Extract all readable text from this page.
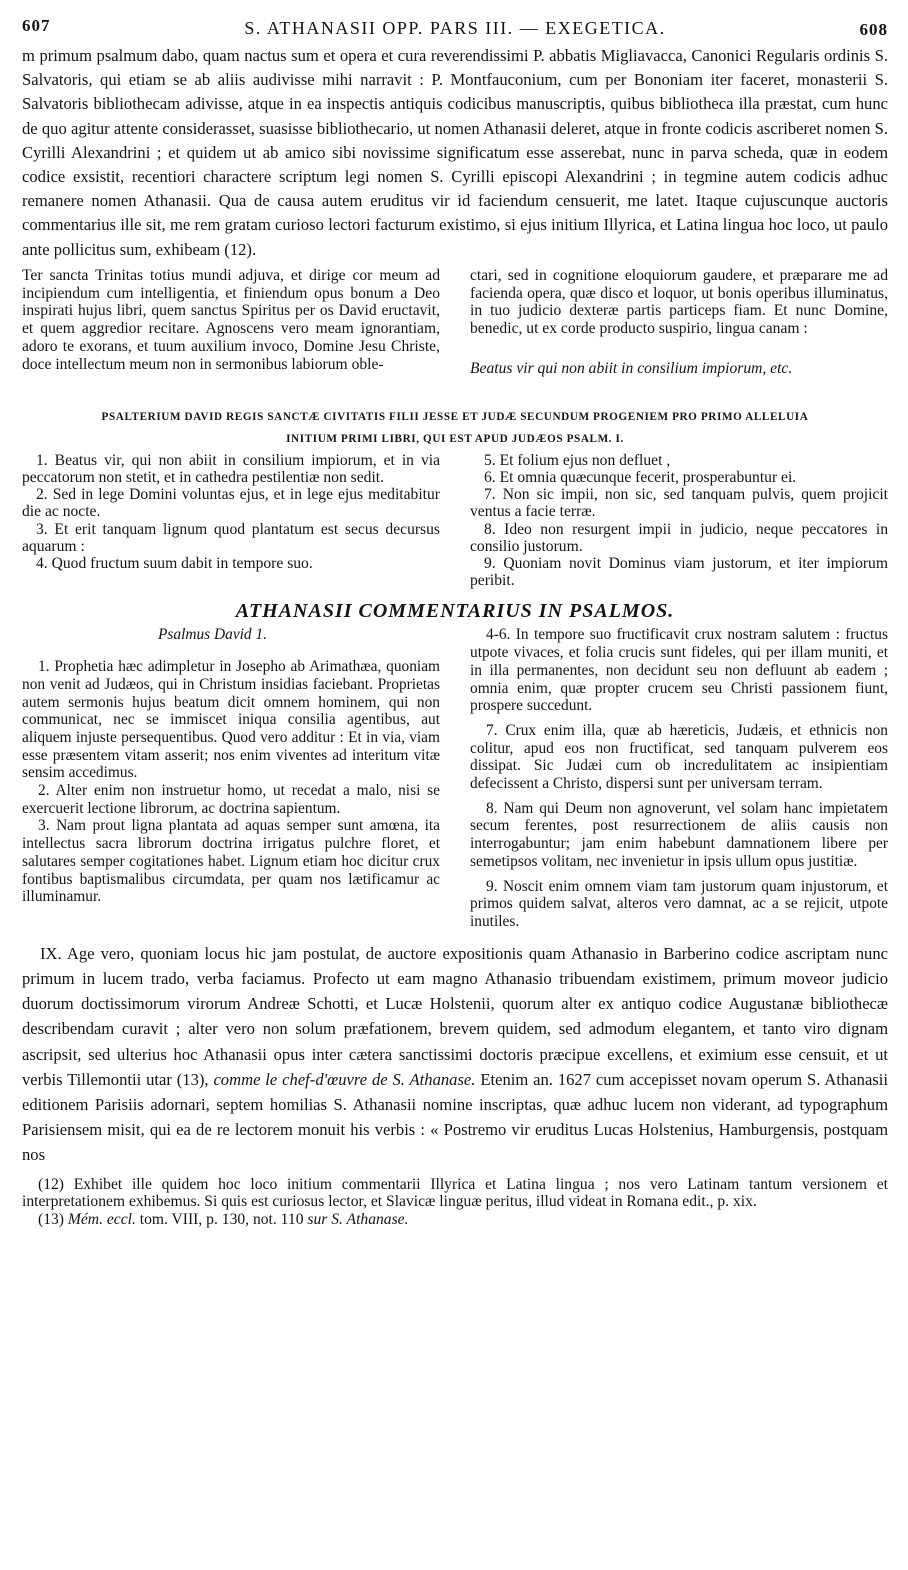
607	S. ATHANASII OPP. PARS III. — EXEGETICA.	608

m primum psalmum dabo, quam nactus sum et opera et cura reverendissimi P. abbatis Migliavacca, Canonici Regularis ordinis S. Salvatoris, qui etiam se ab aliis audivisse mihi narravit : P. Montfauconium, cum per Bononiam iter faceret, monasterii S. Salvatoris bibliothecam adivisse, atque in ea inspectis antiquis codicibus manuscriptis, quibus bibliotheca illa præstat, cum hunc de quo agitur attente considerasset, suasisse bibliothecario, ut nomen Athanasii deleret, atque in fronte codicis ascriberet nomen S. Cyrilli Alexandrini ; et quidem ut ab amico sibi novissime significatum esse asserebat, nunc in parva scheda, quæ in eodem codice exsistit, recentiori charactere scriptum legi nomen S. Cyrilli episcopi Alexandrini ; in tegmine autem codicis adhuc remanere nomen Athanasii. Qua de causa autem eruditus vir id faciendum censuerit, me latet. Itaque cujuscunque auctoris commentarius ille sit, me rem gratam curioso lectori facturum existimo, si ejus initium Illyrica, et Latina lingua hoc loco, ut paulo ante pollicitus sum, exhibeam (12).

Ter sancta Trinitas totius mundi adjuva, et dirige cor meum ad incipiendum cum intelligentia, et finiendum opus bonum a Deo inspirati hujus libri, quem sanctus Spiritus per os David eructavit, et quem aggredior recitare. Agnoscens vero meam ignorantiam, adoro te exorans, et tuum auxilium invoco, Domine Jesu Christe, doce intellectum meum non in sermonibus labiorum oble-

ctari, sed in cognitione eloquiorum gaudere, et præparare me ad facienda opera, quæ disco et loquor, ut bonis operibus illuminatus, in tuo judicio dexteræ partis particeps fiam. Et nunc Domine, benedic, ut ex corde producto suspirio, lingua canam :

Beatus vir qui non abiit in consilium impiorum, etc.

PSALTERIUM DAVID REGIS SANCTÆ CIVITATIS FILII JESSE ET JUDÆ SECUNDUM PROGENIEM PRO PRIMO ALLELUIA
INITIUM PRIMI LIBRI, QUI EST APUD JUDÆOS PSALM. I.

1. Beatus vir, qui non abiit in consilium impiorum, et in via peccatorum non stetit, et in cathedra pestilentiæ non sedit.

2. Sed in lege Domini voluntas ejus, et in lege ejus meditabitur die ac nocte.

3. Et erit tanquam lignum quod plantatum est secus decursus aquarum :

4. Quod fructum suum dabit in tempore suo.

5. Et folium ejus non defluet ,

6. Et omnia quæcunque fecerit, prosperabuntur ei.

7. Non sic impii, non sic, sed tanquam pulvis, quem projicit ventus a facie terræ.

8. Ideo non resurgent impii in judicio, neque peccatores in consilio justorum.

9. Quoniam novit Dominus viam justorum, et iter impiorum peribit.

ATHANASII COMMENTARIUS IN PSALMOS.

Psalmus David 1.

1. Prophetia hæc adimpletur in Josepho ab Arimathæa, quoniam non venit ad Judæos, qui in Christum insidias faciebant. Proprietas autem sermonis hujus beatum dicit omnem hominem, qui non communicat, nec se immiscet iniqua consilia agentibus, aut aliquem injuste persequentibus. Quod vero additur : Et in via, viam esse præsentem vitam asserit; nos enim viventes ad interitum vitæ sensim accedimus.

2. Alter enim non instruetur homo, ut recedat a malo, nisi se exercuerit lectione librorum, ac doctrina sapientum.

3. Nam prout ligna plantata ad aquas semper sunt amœna, ita intellectus sacra librorum doctrina irrigatus pulchre floret, et salutares semper cogitationes habet. Lignum etiam hoc dicitur crux fontibus baptismalibus circumdata, per quam nos lætificamur ac illuminamur.

4-6. In tempore suo fructificavit crux nostram salutem : fructus utpote vivaces, et folia crucis sunt fideles, qui per illam muniti, et in illa permanentes, non decidunt seu non defluunt ab eadem ; omnia enim, quæ propter crucem seu Christi passionem fiunt, prospere succedunt.

7. Crux enim illa, quæ ab hæreticis, Judæis, et ethnicis non colitur, apud eos non fructificat, sed tanquam pulverem eos dissipat. Sic Judæi cum ob incredulitatem ac insipientiam defecissent a Christo, dispersi sunt per universam terram.

8. Nam qui Deum non agnoverunt, vel solam hanc impietatem secum ferentes, post resurrectionem de aliis causis non interrogabuntur; jam enim habebunt damnationem libere per semetipsos volitam, nec invenietur in ipsis ullum opus justitiæ.

9. Noscit enim omnem viam tam justorum quam injustorum, et primos quidem salvat, alteros vero damnat, ac a se rejicit, utpote inutiles.

IX. Age vero, quoniam locus hic jam postulat, de auctore expositionis quam Athanasio in Barberino codice ascriptam nunc primum in lucem trado, verba faciamus. Profecto ut eam magno Athanasio tribuendam existimem, primum moveor judicio duorum doctissimorum virorum Andreæ Schotti, et Lucæ Holstenii, quorum alter ex antiquo codice Augustanæ bibliothecæ describendam curavit ; alter vero non solum præfationem, brevem quidem, sed admodum elegantem, et tanto viro dignam ascripsit, sed ulterius hoc Athanasii opus inter cætera sanctissimi doctoris præcipue excellens, et eximium esse censuit, et ut verbis Tillemontii utar (13), comme le chef-d'œuvre de S. Athanase. Etenim an. 1627 cum accepisset novam operum S. Athanasii editionem Parisiis adornari, septem homilias S. Athanasii nomine inscriptas, quæ adhuc lucem non viderant, ad typographum Parisiensem misit, qui ea de re lectorem monuit his verbis : « Postremo vir eruditus Lucas Holstenius, Hamburgensis, postquam nos

(12) Exhibet ille quidem hoc loco initium commentarii Illyrica et Latina lingua ; nos vero Latinam tantum versionem et interpretationem exhibemus. Si quis est curiosus lector, et Slavicæ linguæ peritus, illud videat in Romana edit., p. xix.

(13) Mém. eccl. tom. VIII, p. 130, not. 110 sur S. Athanase.
